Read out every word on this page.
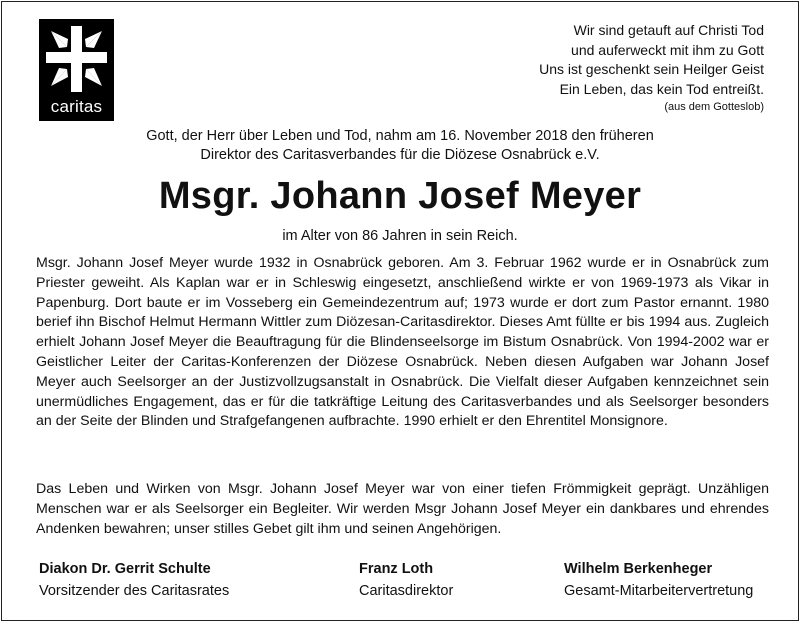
caritas
Wir sind getauft auf Christi Tod
und auferweckt mit ihm zu Gott
Uns ist geschenkt sein Heilger Geist
Ein Leben, das kein Tod entreißt.
(aus dem Gotteslob)
Gott, der Herr über Leben und Tod, nahm am 16. November 2018 den früheren
Direktor des Caritasverbandes für die Diözese Osnabrück e.V.
Msgr. Johann Josef Meyer
im Alter von 86 Jahren in sein Reich.
Msgr. Johann Josef Meyer wurde 1932 in Osnabrück geboren. Am 3. Februar 1962 wurde er in Osnabrück zum Priester geweiht. Als Kaplan war er in Schleswig eingesetzt, anschließend wirkte er von 1969-1973 als Vikar in Papenburg. Dort baute er im Vosseberg ein Gemeindezentrum auf; 1973 wurde er dort zum Pastor ernannt. 1980 berief ihn Bischof Helmut Hermann Wittler zum Diözesan-Caritasdirektor. Dieses Amt füllte er bis 1994 aus. Zugleich erhielt Johann Josef Meyer die Beauftragung für die Blindenseelsorge im Bistum Osnabrück. Von 1994-2002 war er Geistlicher Leiter der Caritas-Konferenzen der Diözese Osnabrück. Neben diesen Aufgaben war Johann Josef Meyer auch Seelsorger an der Justizvollzugsanstalt in Osnabrück. Die Vielfalt dieser Aufgaben kennzeichnet sein unermüdliches Engagement, das er für die tatkräftige Leitung des Caritasverbandes und als Seelsorger besonders an der Seite der Blinden und Strafgefangenen aufbrachte. 1990 erhielt er den Ehrentitel Monsignore.
Das Leben und Wirken von Msgr. Johann Josef Meyer war von einer tiefen Frömmigkeit geprägt. Unzähligen Menschen war er als Seelsorger ein Begleiter. Wir werden Msgr Johann Josef Meyer ein dankbares und ehrendes Andenken bewahren; unser stilles Gebet gilt ihm und seinen Angehörigen.
Diakon Dr. Gerrit Schulte
Vorsitzender des Caritasrates
Franz Loth
Caritasdirektor
Wilhelm Berkenheger
Gesamt-Mitarbeitervertretung
